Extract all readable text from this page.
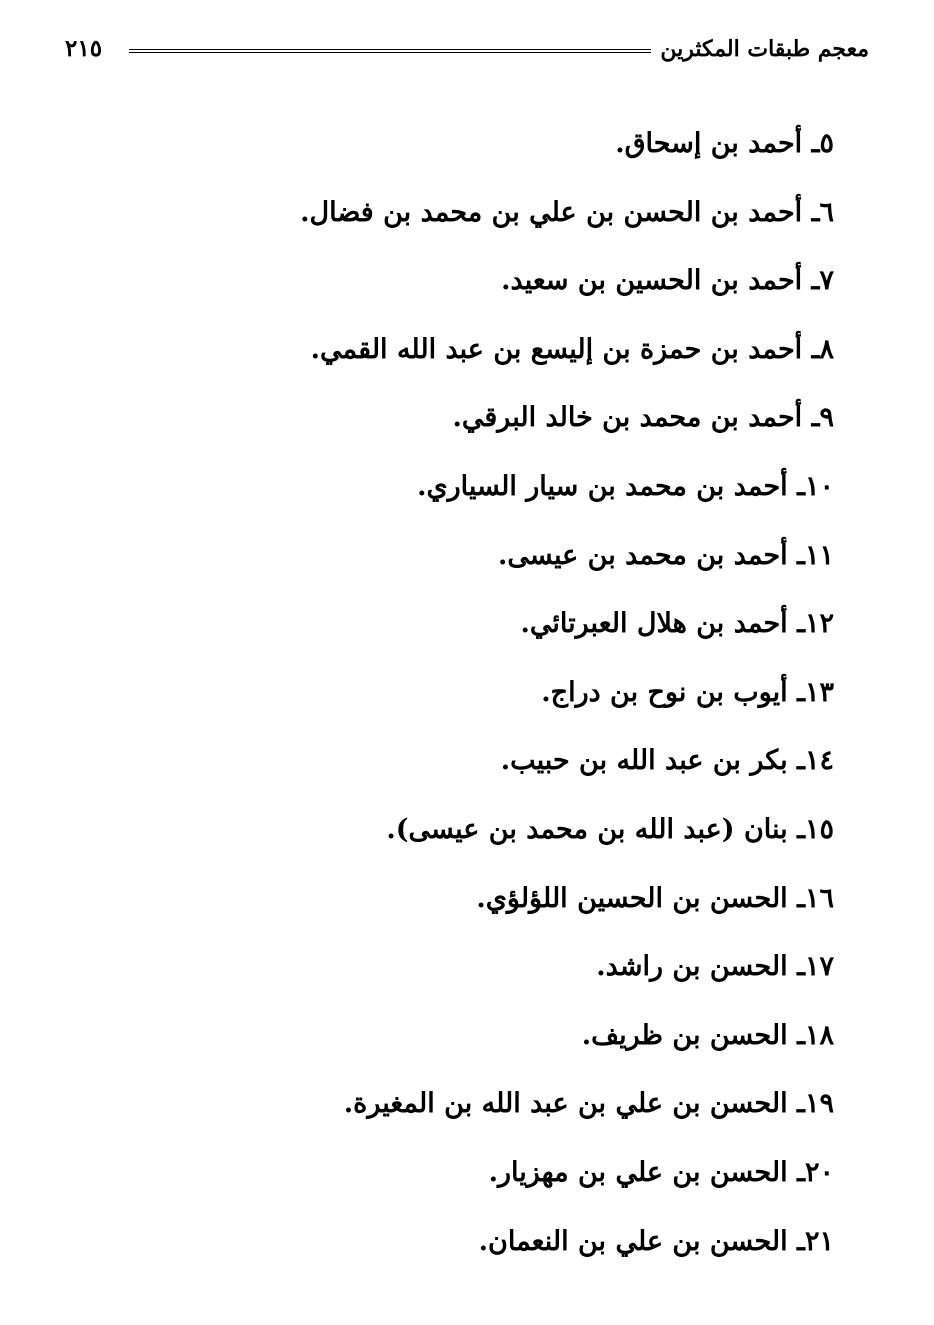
٢١٥	معجم طبقات المكثرين
٥ـ أحمد بن إسحاق.
٦ـ أحمد بن الحسن بن علي بن محمد بن فضال.
٧ـ أحمد بن الحسين بن سعيد.
٨ـ أحمد بن حمزة بن إليسع بن عبد الله القمي.
٩ـ أحمد بن محمد بن خالد البرقي.
١٠ـ أحمد بن محمد بن سيار السياري.
١١ـ أحمد بن محمد بن عيسى.
١٢ـ أحمد بن هلال العبرتائي.
١٣ـ أيوب بن نوح بن دراج.
١٤ـ بكر بن عبد الله بن حبيب.
١٥ـ بنان (عبد الله بن محمد بن عيسى).
١٦ـ الحسن بن الحسين اللؤلؤي.
١٧ـ الحسن بن راشد.
١٨ـ الحسن بن ظريف.
١٩ـ الحسن بن علي بن عبد الله بن المغيرة.
٢٠ـ الحسن بن علي بن مهزيار.
٢١ـ الحسن بن علي بن النعمان.
